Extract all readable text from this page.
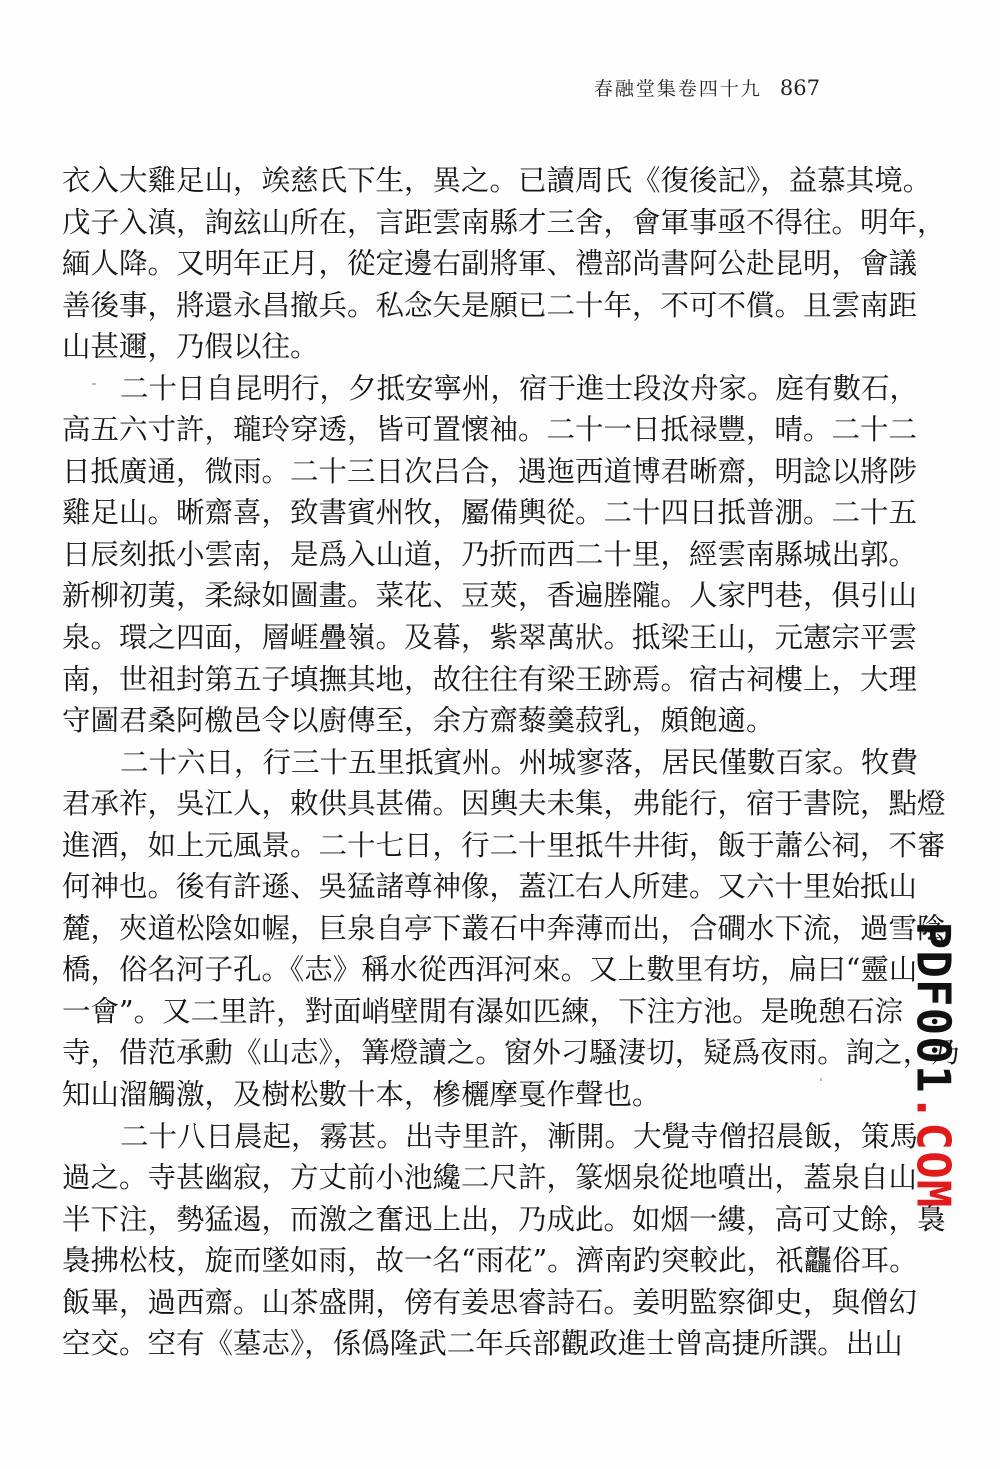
春融堂集卷四十九 867
衣入大雞足山，竢慈氏下生，異之。已讀周氏《復後記》，益慕其境。
戊子入滇，詢玆山所在，言距雲南縣才三舍，會軍事亟不得往。明年，
緬人降。又明年正月，從定邊右副將軍、禮部尚書阿公赴昆明，會議
善後事，將還永昌撤兵。私念矢是願已二十年，不可不償。且雲南距
山甚邇，乃假以往。
二十日自昆明行，夕抵安寧州，宿于進士段汝舟家。庭有數石，
高五六寸許，瓏玲穿透，皆可置懷袖。二十一日抵禄豐，晴。二十二
日抵廣通，微雨。二十三日次吕合，遇迤西道博君晰齋，明諗以將陟
雞足山。晰齋喜，致書賓州牧，屬備輿從。二十四日抵普淜。二十五
日辰刻抵小雲南，是爲入山道，乃折而西二十里，經雲南縣城出郭。
新柳初荑，柔緑如圖畫。菜花、豆莢，香遍塍隴。人家門巷，俱引山
泉。環之四面，層崕疊嶺。及暮，紫翠萬狀。抵梁王山，元憲宗平雲
南，世祖封第五子填撫其地，故往往有梁王跡焉。宿古祠樓上，大理
守圖君桑阿檄邑令以廚傳至，余方齋藜羹菽乳，頗飽適。
二十六日，行三十五里抵賓州。州城寥落，居民僅數百家。牧費
君承祚，吳江人，敕供具甚備。因輿夫未集，弗能行，宿于書院，點燈
進酒，如上元風景。二十七日，行二十里抵牛井街，飯于蕭公祠，不審
何神也。後有許遜、吳猛諸尊神像，蓋江右人所建。又六十里始抵山
麓，夾道松陰如幄，巨泉自亭下叢石中奔薄而出，合磵水下流，過雪陰
橋，俗名河子孔。《志》稱水從西洱河來。又上數里有坊，扁曰“靈山
一會”。又二里許，對面峭壁閒有瀑如匹練，下注方池。是晚憩石淙
寺，借范承勳《山志》，篝燈讀之。窗外刁騷淒切，疑爲夜雨。詢之，乃
知山溜觸激，及樹松數十本，槮欐摩戛作聲也。
二十八日晨起，霧甚。出寺里許，漸開。大覺寺僧招晨飯，策馬
過之。寺甚幽寂，方丈前小池纔二尺許，篆烟泉從地噴出，蓋泉自山
半下注，勢猛遏，而激之奮迅上出，乃成此。如烟一縷，高可丈餘，裊
裊拂松枝，旋而墜如雨，故一名“雨花”。濟南趵突較此，祇龘俗耳。
飯畢，過西齋。山茶盛開，傍有姜思睿詩石。姜明監察御史，與僧幻
空交。空有《墓志》，係僞隆武二年兵部觀政進士曾高捷所譔。出山
PDF001
.COM
